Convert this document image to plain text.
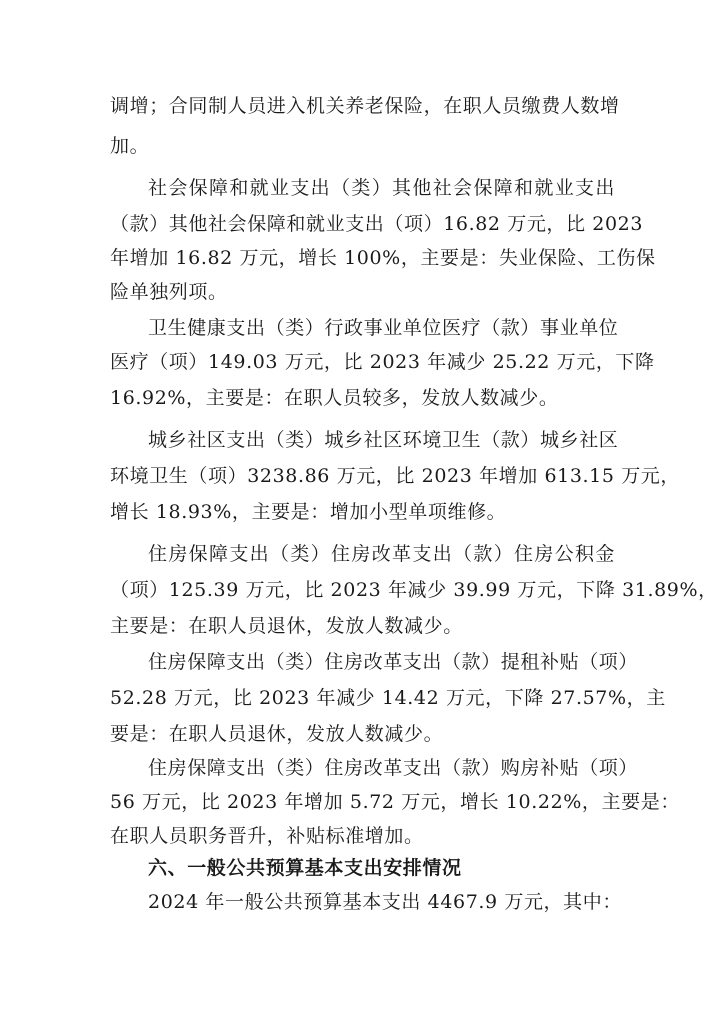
调增；合同制人员进入机关养老保险，在职人员缴费人数增
加。
社会保障和就业支出（类）其他社会保障和就业支出
（款）其他社会保障和就业支出（项）16.82 万元，比 2023
年增加 16.82 万元，增长 100%，主要是：失业保险、工伤保
险单独列项。
卫生健康支出（类）行政事业单位医疗（款）事业单位
医疗（项）149.03 万元，比 2023 年减少 25.22 万元，下降
16.92%，主要是：在职人员较多，发放人数减少。
城乡社区支出（类）城乡社区环境卫生（款）城乡社区
环境卫生（项）3238.86 万元，比 2023 年增加 613.15 万元，
增长 18.93%，主要是：增加小型单项维修。
住房保障支出（类）住房改革支出（款）住房公积金
（项）125.39 万元，比 2023 年减少 39.99 万元，下降 31.89%，
主要是：在职人员退休，发放人数减少。
住房保障支出（类）住房改革支出（款）提租补贴（项）
52.28 万元，比 2023 年减少 14.42 万元，下降 27.57%，主
要是：在职人员退休，发放人数减少。
住房保障支出（类）住房改革支出（款）购房补贴（项）
56 万元，比 2023 年增加 5.72 万元，增长 10.22%，主要是：
在职人员职务晋升，补贴标准增加。
六、一般公共预算基本支出安排情况
2024 年一般公共预算基本支出 4467.9 万元，其中：
